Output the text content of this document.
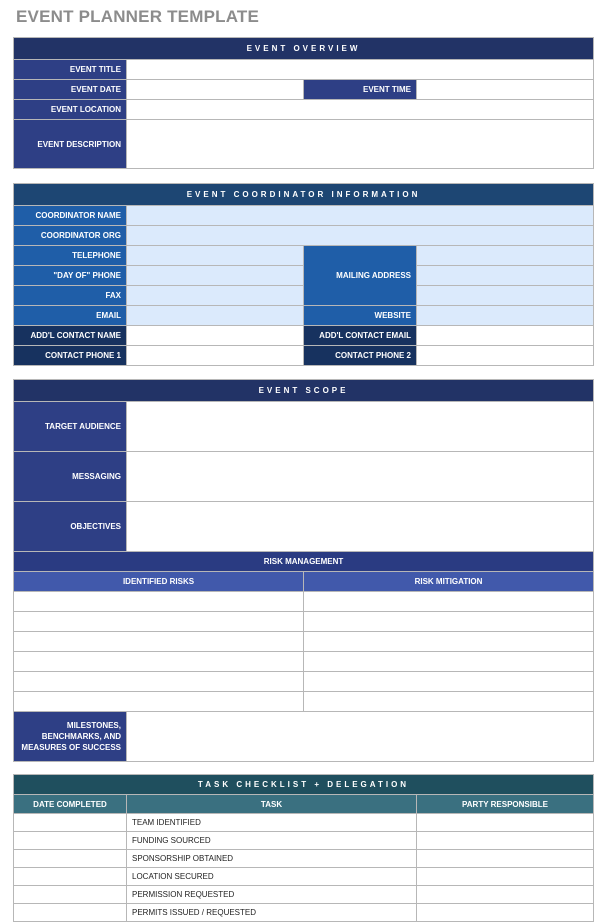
EVENT PLANNER TEMPLATE
EVENT OVERVIEW			
EVENT TITLE			
EVENT DATE		EVENT TIME	
EVENT LOCATION			
EVENT DESCRIPTION			
EVENT COORDINATOR INFORMATION			
COORDINATOR NAME			
COORDINATOR ORG			
TELEPHONE		MAILING ADDRESS	
"DAY OF" PHONE			
FAX			
EMAIL		WEBSITE	
ADD'L CONTACT NAME		ADD'L CONTACT EMAIL	
CONTACT PHONE 1		CONTACT PHONE 2	
EVENT SCOPE		
TARGET AUDIENCE		
MESSAGING		
OBJECTIVES		
RISK MANAGEMENT		
IDENTIFIED RISKS		RISK MITIGATION

MILESTONES, BENCHMARKS, AND MEASURES OF SUCCESS		
TASK CHECKLIST + DELEGATION		
DATE COMPLETED	TASK	PARTY RESPONSIBLE
	TEAM IDENTIFIED	
	FUNDING SOURCED	
	SPONSORSHIP OBTAINED	
	LOCATION SECURED	
	PERMISSION REQUESTED	
	PERMITS ISSUED / REQUESTED	
